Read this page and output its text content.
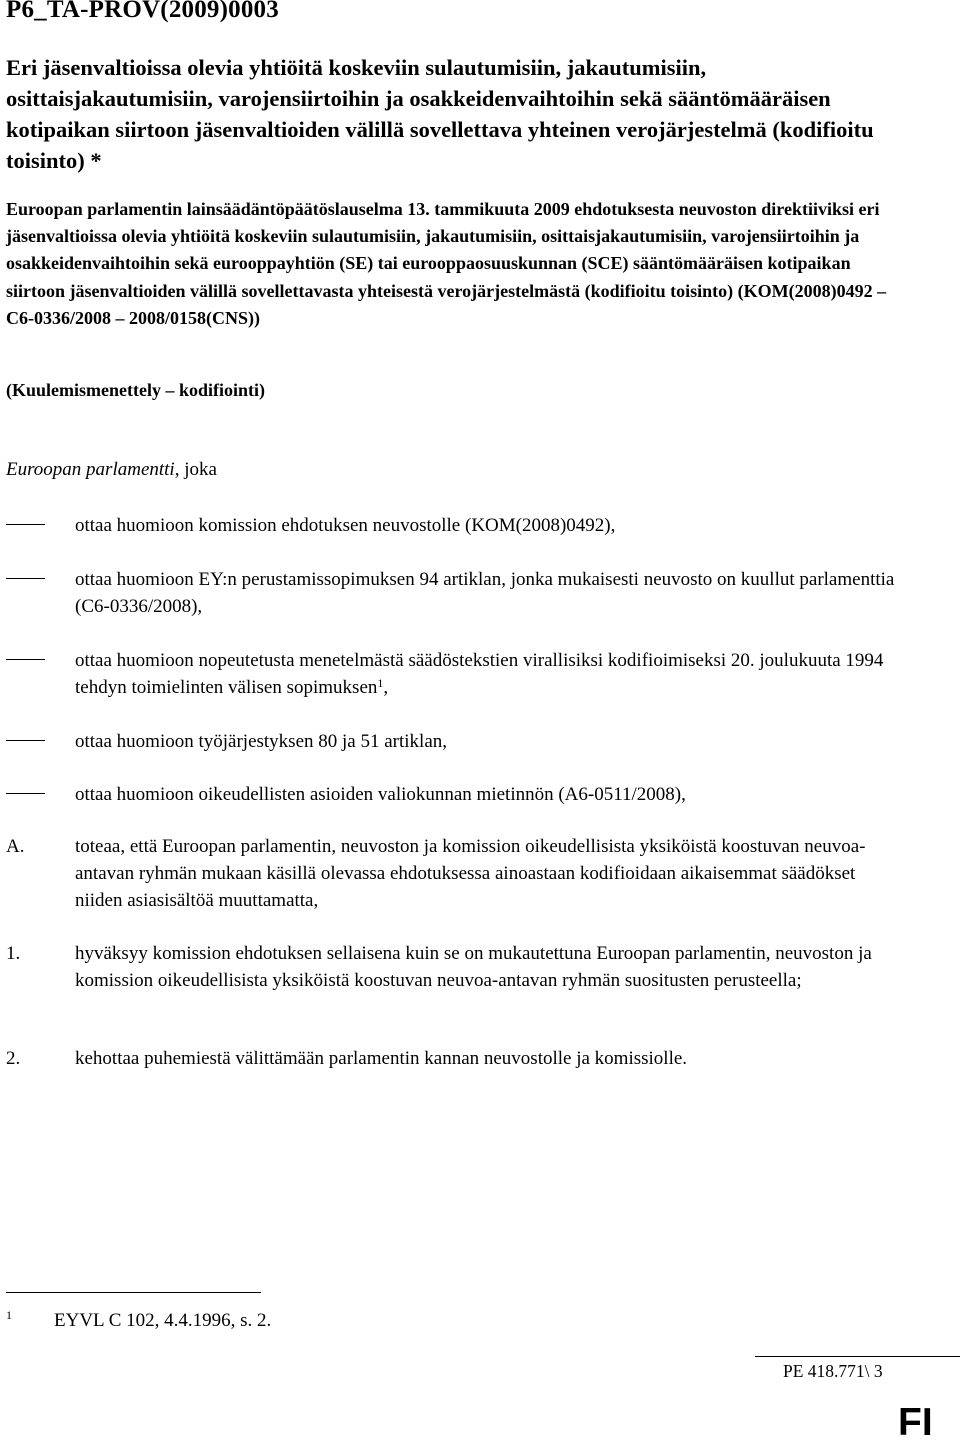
P6_TA-PROV(2009)0003
Eri jäsenvaltioissa olevia yhtiöitä koskeviin sulautumisiin, jakautumisiin, osittaisjakautumisiin, varojensiirtoihin ja osakkeidenvaihtoihin sekä sääntömääräisen kotipaikan siirtoon jäsenvaltioiden välillä sovellettava yhteinen verojärjestelmä (kodifioitu toisinto) *
Euroopan parlamentin lainsäädäntöpäätöslauselma 13. tammikuuta 2009 ehdotuksesta neuvoston direktiiviksi eri jäsenvaltioissa olevia yhtiöitä koskeviin sulautumisiin, jakautumisiin, osittaisjakautumisiin, varojensiirtoihin ja osakkeidenvaihtoihin sekä eurooppayhtiön (SE) tai eurooppaosuuskunnan (SCE) sääntömääräisen kotipaikan siirtoon jäsenvaltioiden välillä sovellettavasta yhteisestä verojärjestelmästä (kodifioitu toisinto) (KOM(2008)0492 – C6-0336/2008 – 2008/0158(CNS))
(Kuulemismenettely – kodifiointi)
Euroopan parlamentti, joka
ottaa huomioon komission ehdotuksen neuvostolle (KOM(2008)0492),
ottaa huomioon EY:n perustamissopimuksen 94 artiklan, jonka mukaisesti neuvosto on kuullut parlamenttia (C6-0336/2008),
ottaa huomioon nopeutetusta menetelmästä säädöstekstien virallisiksi kodifioimiseksi 20. joulukuuta 1994 tehdyn toimielinten välisen sopimuksen$^1$,
ottaa huomioon työjärjestyksen 80 ja 51 artiklan,
ottaa huomioon oikeudellisten asioiden valiokunnan mietinnön (A6-0511/2008),
A.	toteaa, että Euroopan parlamentin, neuvoston ja komission oikeudellisista yksiköistä koostuvan neuvoa-antavan ryhmän mukaan käsillä olevassa ehdotuksessa ainoastaan kodifioidaan aikaisemmat säädökset niiden asiasisältöä muuttamatta,
1.	hyväksyy komission ehdotuksen sellaisena kuin se on mukautettuna Euroopan parlamentin, neuvoston ja komission oikeudellisista yksiköistä koostuvan neuvoa-antavan ryhmän suositusten perusteella;
2.	kehottaa puhemiestä välittämään parlamentin kannan neuvostolle ja komissiolle.
1 EYVL C 102, 4.4.1996, s. 2.
PE 418.771\ 3
FI
